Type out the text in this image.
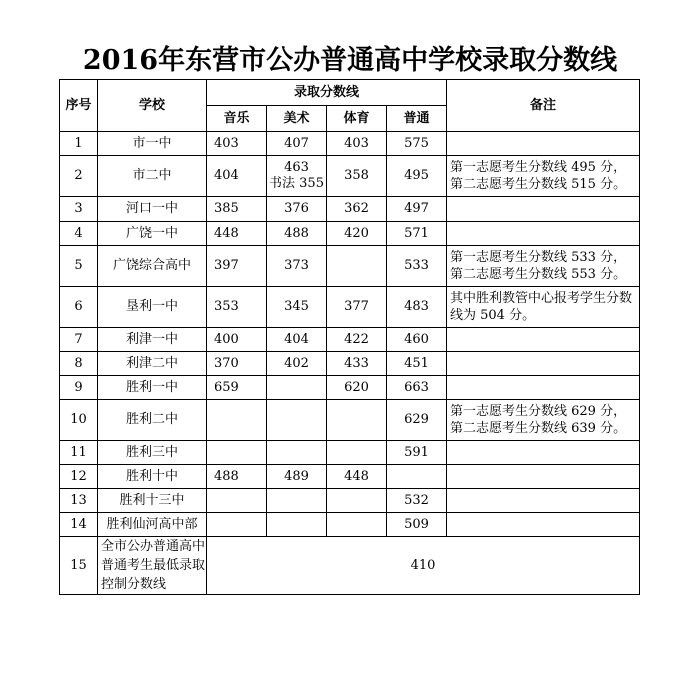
2016年东营市公办普通高中学校录取分数线
序号	学校	录取分数线				备注
		音乐	美术	体育	普通	
1	市一中	403	407	403	575	
2	市二中	404	463
书法 355	358	495	第一志愿考生分数线 495 分，第二志愿考生分数线 515 分。
3	河口一中	385	376	362	497	
4	广饶一中	448	488	420	571	
5	广饶综合高中	397	373		533	第一志愿考生分数线 533 分，第二志愿考生分数线 553 分。
6	垦利一中	353	345	377	483	其中胜利教管中心报考学生分数线为 504 分。
7	利津一中	400	404	422	460	
8	利津二中	370	402	433	451	
9	胜利一中	659		620	663	
10	胜利二中				629	第一志愿考生分数线 629 分，第二志愿考生分数线 639 分。
11	胜利三中				591	
12	胜利十中	488	489	448		
13	胜利十三中				532	
14	胜利仙河高中部				509	
15	全市公办普通高中普通考生最低录取控制分数线	410				
